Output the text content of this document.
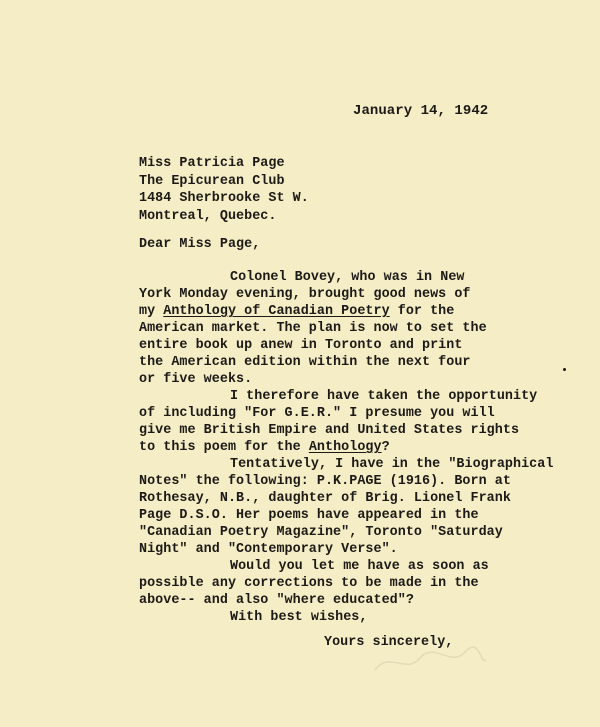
January 14, 1942
Miss Patricia Page
The Epicurean Club
1484 Sherbrooke St W.
Montreal, Quebec.
Dear Miss Page,
Colonel Bovey, who was in New
York Monday evening, brought good news of
my Anthology of Canadian Poetry for the
American market. The plan is now to set the
entire book up anew in Toronto and print
the American edition within the next four
or five weeks.
I therefore have taken the opportunity
of including "For G.E.R." I presume you will
give me British Empire and United States rights
to this poem for the Anthology?
Tentatively, I have in the "Biographical
Notes" the following: P.K.PAGE (1916). Born at
Rothesay, N.B., daughter of Brig. Lionel Frank
Page D.S.O. Her poems have appeared in the
"Canadian Poetry Magazine", Toronto "Saturday
Night" and "Contemporary Verse".
Would you let me have as soon as
possible any corrections to be made in the
above-- and also "where educated"?
With best wishes,
Yours sincerely,
